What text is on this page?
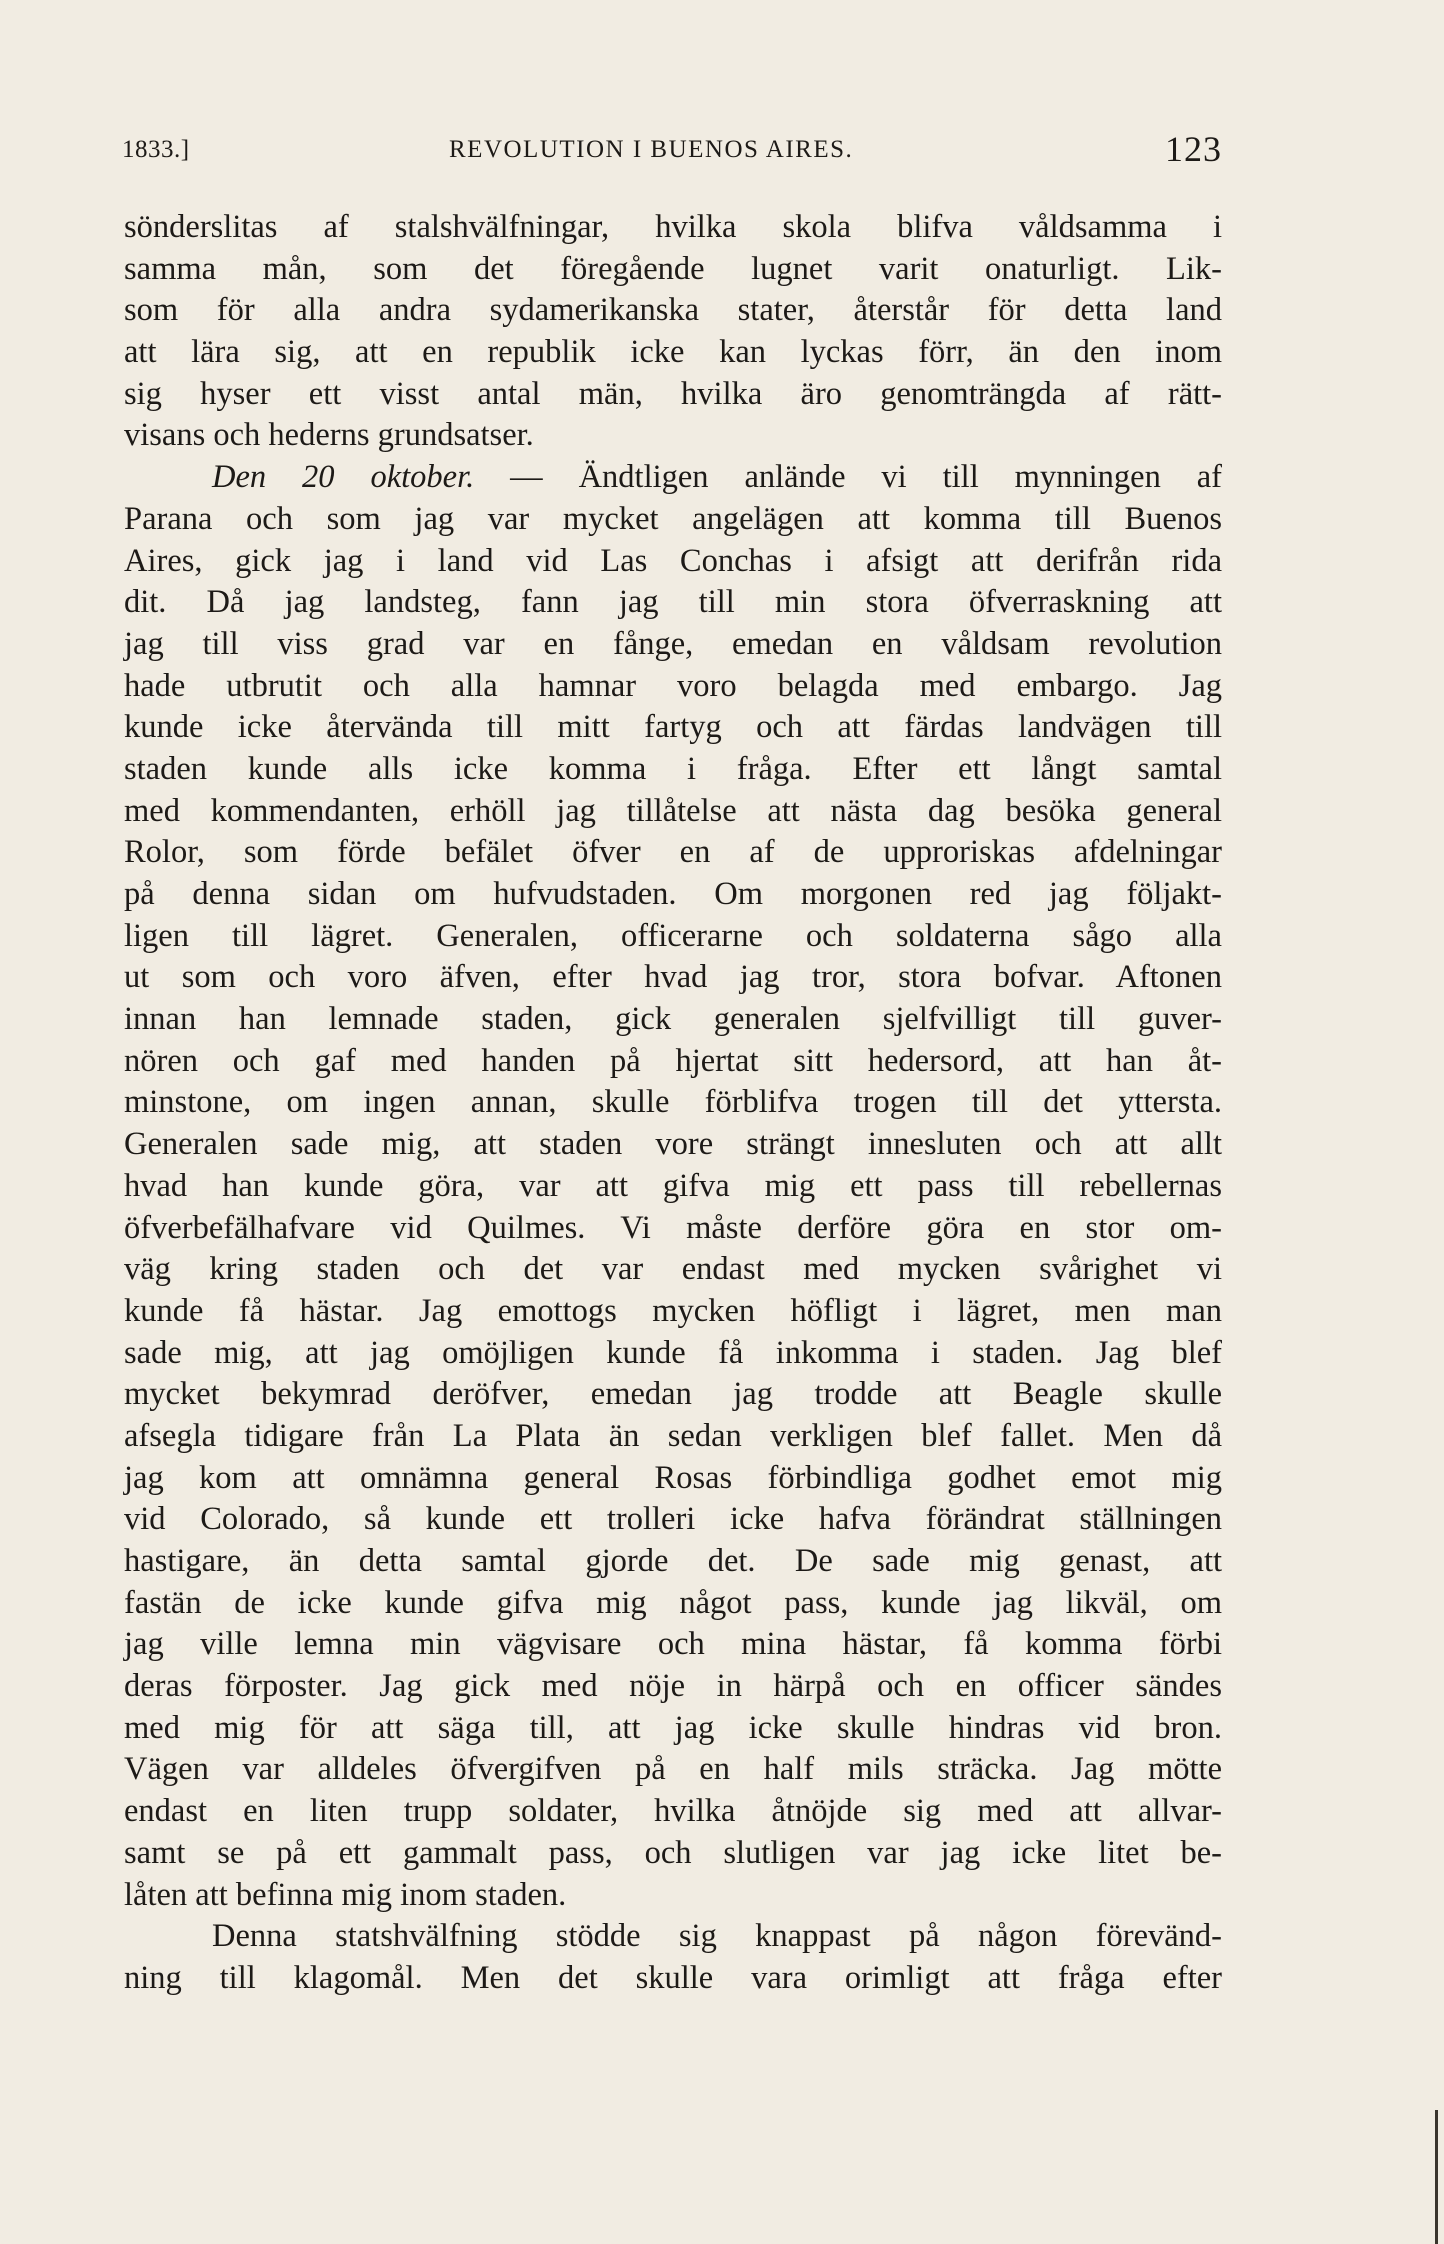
1833.]	REVOLUTION I BUENOS AIRES.	123
sönderslitas af stalshvälfningar, hvilka skola blifva våldsamma i
samma mån, som det föregående lugnet varit onaturligt. Lik-
som för alla andra sydamerikanska stater, återstår för detta land
att lära sig, att en republik icke kan lyckas förr, än den inom
sig hyser ett visst antal män, hvilka äro genomträngda af rätt-
visans och hederns grundsatser.
Den 20 oktober. — Ändtligen anlände vi till mynningen af
Parana och som jag var mycket angelägen att komma till Buenos
Aires, gick jag i land vid Las Conchas i afsigt att derifrån rida
dit. Då jag landsteg, fann jag till min stora öfverraskning att
jag till viss grad var en fånge, emedan en våldsam revolution
hade utbrutit och alla hamnar voro belagda med embargo. Jag
kunde icke återvända till mitt fartyg och att färdas landvägen till
staden kunde alls icke komma i fråga. Efter ett långt samtal
med kommendanten, erhöll jag tillåtelse att nästa dag besöka general
Rolor, som förde befälet öfver en af de upproriskas afdelningar
på denna sidan om hufvudstaden. Om morgonen red jag följakt-
ligen till lägret. Generalen, officerarne och soldaterna sågo alla
ut som och voro äfven, efter hvad jag tror, stora bofvar. Aftonen
innan han lemnade staden, gick generalen sjelfvilligt till guver-
nören och gaf med handen på hjertat sitt hedersord, att han åt-
minstone, om ingen annan, skulle förblifva trogen till det yttersta.
Generalen sade mig, att staden vore strängt innesluten och att allt
hvad han kunde göra, var att gifva mig ett pass till rebellernas
öfverbefälhafvare vid Quilmes. Vi måste derföre göra en stor om-
väg kring staden och det var endast med mycken svårighet vi
kunde få hästar. Jag emottogs mycken höfligt i lägret, men man
sade mig, att jag omöjligen kunde få inkomma i staden. Jag blef
mycket bekymrad deröfver, emedan jag trodde att Beagle skulle
afsegla tidigare från La Plata än sedan verkligen blef fallet. Men då
jag kom att omnämna general Rosas förbindliga godhet emot mig
vid Colorado, så kunde ett trolleri icke hafva förändrat ställningen
hastigare, än detta samtal gjorde det. De sade mig genast, att
fastän de icke kunde gifva mig något pass, kunde jag likväl, om
jag ville lemna min vägvisare och mina hästar, få komma förbi
deras förposter. Jag gick med nöje in härpå och en officer sändes
med mig för att säga till, att jag icke skulle hindras vid bron.
Vägen var alldeles öfvergifven på en half mils sträcka. Jag mötte
endast en liten trupp soldater, hvilka åtnöjde sig med att allvar-
samt se på ett gammalt pass, och slutligen var jag icke litet be-
låten att befinna mig inom staden.
Denna statshvälfning stödde sig knappast på någon förevänd-
ning till klagomål. Men det skulle vara orimligt att fråga efter
